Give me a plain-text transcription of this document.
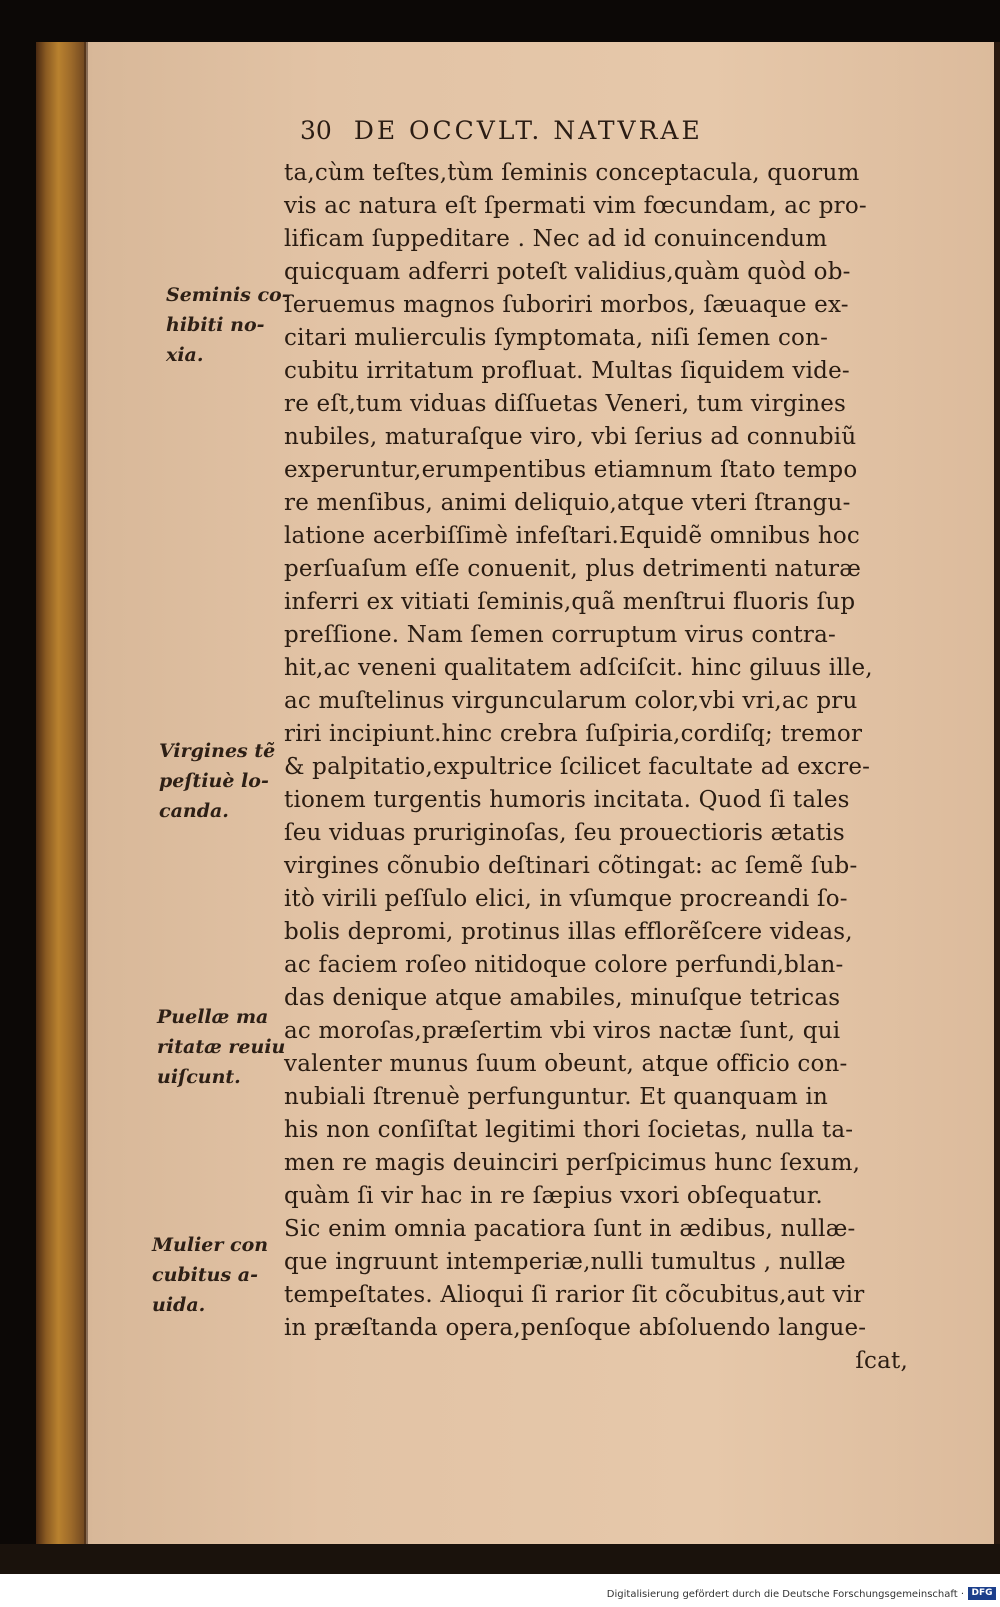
30 DE OCCVLT. NATVRAE
ta,cùm teſtes,tùm ſeminis conceptacula, quorum
vis ac natura eſt ſpermati vim fœcundam, ac pro-
lificam ſuppeditare . Nec ad id conuincendum
quicquam adferri poteſt validius,quàm quòd ob-
ſeruemus magnos ſuboriri morbos, ſæuaque ex-
citari mulierculis ſymptomata, niſi ſemen con-
cubitu irritatum profluat. Multas ſiquidem vide-
re eſt,tum viduas diſſuetas Veneri, tum virgines
nubiles, maturaſque viro, vbi ſerius ad connubiũ
experuntur,erumpentibus etiamnum ſtato tempo
re menſibus, animi deliquio,atque vteri ſtrangu-
latione acerbiſſimè infeſtari.Equidẽ omnibus hoc
perſuaſum eſſe conuenit, plus detrimenti naturæ
inferri ex vitiati ſeminis,quã menſtrui fluoris ſup
preſſione. Nam ſemen corruptum virus contra-
hit,ac veneni qualitatem adſciſcit. hinc giluus ille,
ac muſtelinus virguncularum color,vbi vri,ac pru
riri incipiunt.hinc crebra ſuſpiria,cordiſq; tremor
& palpitatio,expultrice ſcilicet facultate ad excre-
tionem turgentis humoris incitata. Quod ſi tales
ſeu viduas pruriginoſas, ſeu prouectioris ætatis
virgines cõnubio deſtinari cõtingat: ac ſemẽ ſub-
itò virili peſſulo elici, in vſumque procreandi ſo-
bolis depromi, protinus illas efflorẽſcere videas,
ac faciem roſeo nitidoque colore perfundi,blan-
das denique atque amabiles, minuſque tetricas
ac moroſas,præſertim vbi viros nactæ ſunt, qui
valenter munus ſuum obeunt, atque officio con-
nubiali ſtrenuè perfunguntur. Et quanquam in
his non conſiſtat legitimi thori ſocietas, nulla ta-
men re magis deuinciri perſpicimus hunc ſexum,
quàm ſi vir hac in re ſæpius vxori obſequatur.
Sic enim omnia pacatiora ſunt in ædibus, nullæ-
que ingruunt intemperiæ,nulli tumultus , nullæ
tempeſtates. Alioqui ſi rarior ſit cõcubitus,aut vir
in præſtanda opera,penſoque abſoluendo langue-
ſcat,
Seminis co-
hibiti no-
xia.
Virgines tẽ
peſtiuè lo-
canda.
Puellæ ma
ritatæ reuiu
uiſcunt.
Mulier con
cubitus a-
uida.
Digitalisierung gefördert durch die Deutsche Forschungsgemeinschaft · DFG
